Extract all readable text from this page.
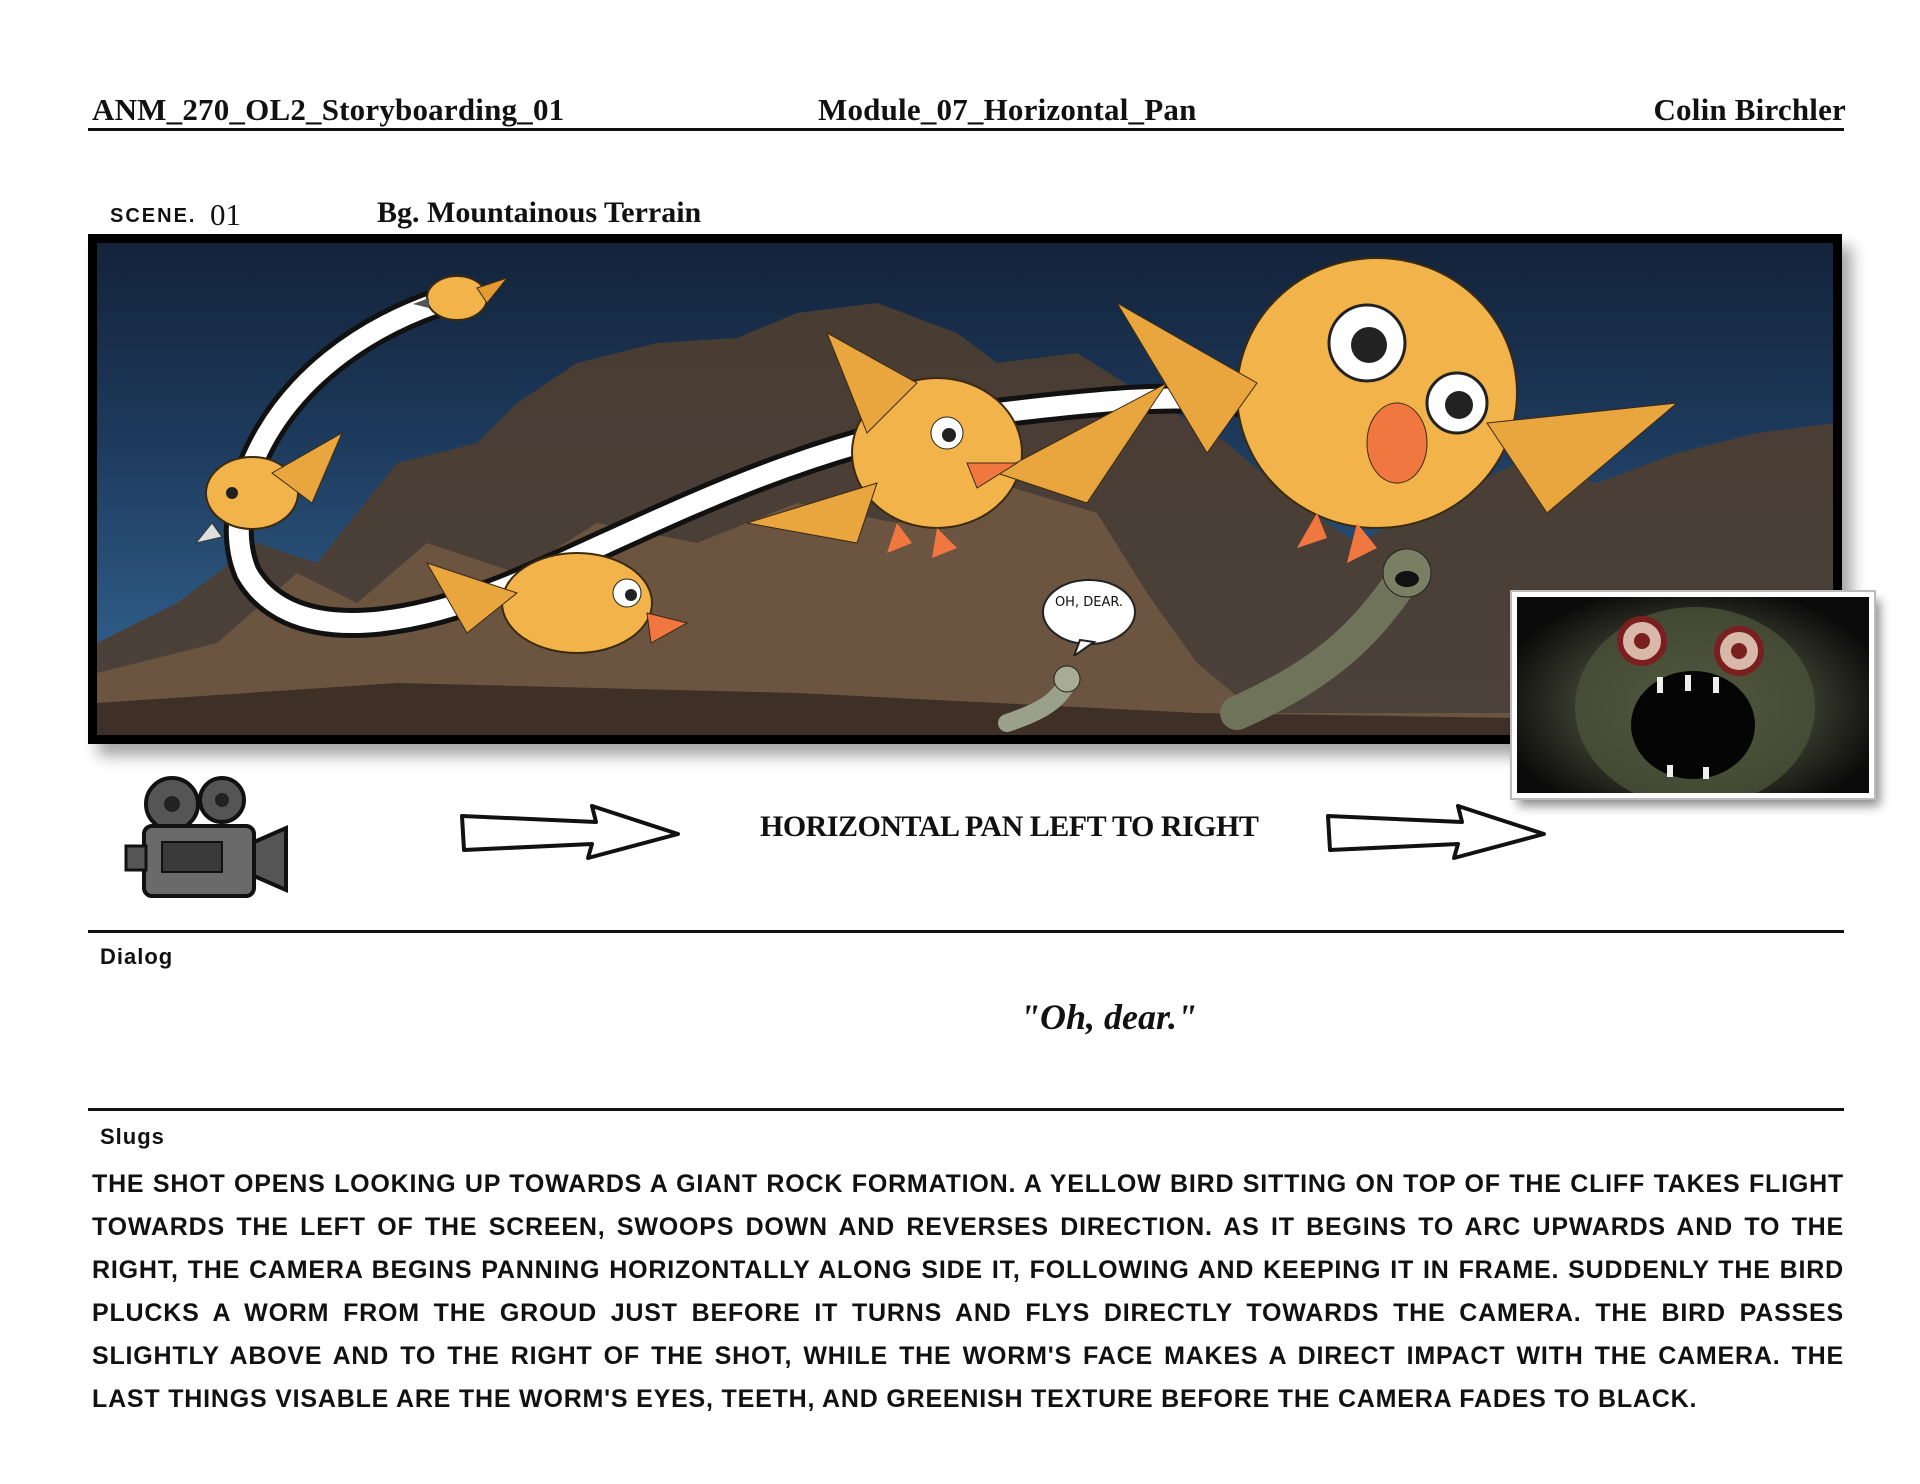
ANM_270_OL2_Storyboarding_01	Module_07_Horizontal_Pan	Colin Birchler
SCENE. 01	Bg. Mountainous Terrain
OH, DEAR.
HORIZONTAL PAN LEFT TO RIGHT
Dialog
"Oh, dear."
Slugs
THE SHOT OPENS LOOKING UP TOWARDS A GIANT ROCK FORMATION. A YELLOW BIRD SITTING ON TOP OF THE CLIFF TAKES FLIGHT TOWARDS THE LEFT OF THE SCREEN, SWOOPS DOWN AND REVERSES DIRECTION. AS IT BEGINS TO ARC UPWARDS AND TO THE RIGHT, THE CAMERA BEGINS PANNING HORIZONTALLY ALONG SIDE IT, FOLLOWING AND KEEPING IT IN FRAME. SUDDENLY THE BIRD PLUCKS A WORM FROM THE GROUD JUST BEFORE IT TURNS AND FLYS DIRECTLY TOWARDS THE CAMERA. THE BIRD PASSES SLIGHTLY ABOVE AND TO THE RIGHT OF THE SHOT, WHILE THE WORM'S FACE MAKES A DIRECT IMPACT WITH THE CAMERA. THE LAST THINGS VISABLE ARE THE WORM'S EYES, TEETH, AND GREENISH TEXTURE BEFORE THE CAMERA FADES TO BLACK.
